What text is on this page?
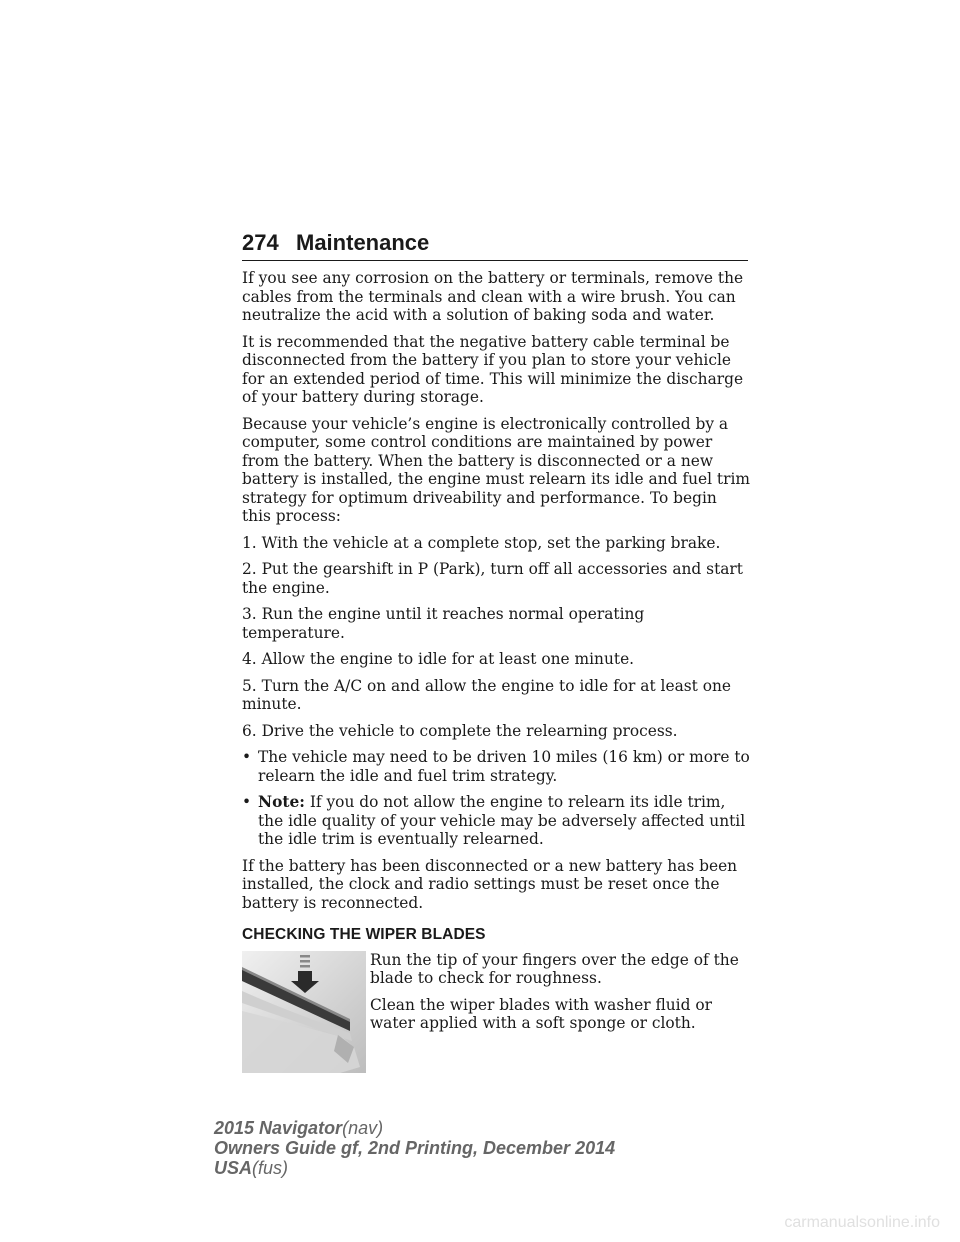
274 Maintenance

If you see any corrosion on the battery or terminals, remove the cables from the terminals and clean with a wire brush. You can neutralize the acid with a solution of baking soda and water.

It is recommended that the negative battery cable terminal be disconnected from the battery if you plan to store your vehicle for an extended period of time. This will minimize the discharge of your battery during storage.

Because your vehicle’s engine is electronically controlled by a computer, some control conditions are maintained by power from the battery. When the battery is disconnected or a new battery is installed, the engine must relearn its idle and fuel trim strategy for optimum driveability and performance. To begin this process:

1. With the vehicle at a complete stop, set the parking brake.

2. Put the gearshift in P (Park), turn off all accessories and start the engine.

3. Run the engine until it reaches normal operating temperature.

4. Allow the engine to idle for at least one minute.

5. Turn the A/C on and allow the engine to idle for at least one minute.

6. Drive the vehicle to complete the relearning process.

• The vehicle may need to be driven 10 miles (16 km) or more to relearn the idle and fuel trim strategy.
• Note: If you do not allow the engine to relearn its idle trim, the idle quality of your vehicle may be adversely affected until the idle trim is eventually relearned.

If the battery has been disconnected or a new battery has been installed, the clock and radio settings must be reset once the battery is reconnected.

CHECKING THE WIPER BLADES

Run the tip of your fingers over the edge of the blade to check for roughness.

Clean the wiper blades with washer fluid or water applied with a soft sponge or cloth.

2015 Navigator(nav)
Owners Guide gf, 2nd Printing, December 2014
USA(fus)
carmanualsonline.info
